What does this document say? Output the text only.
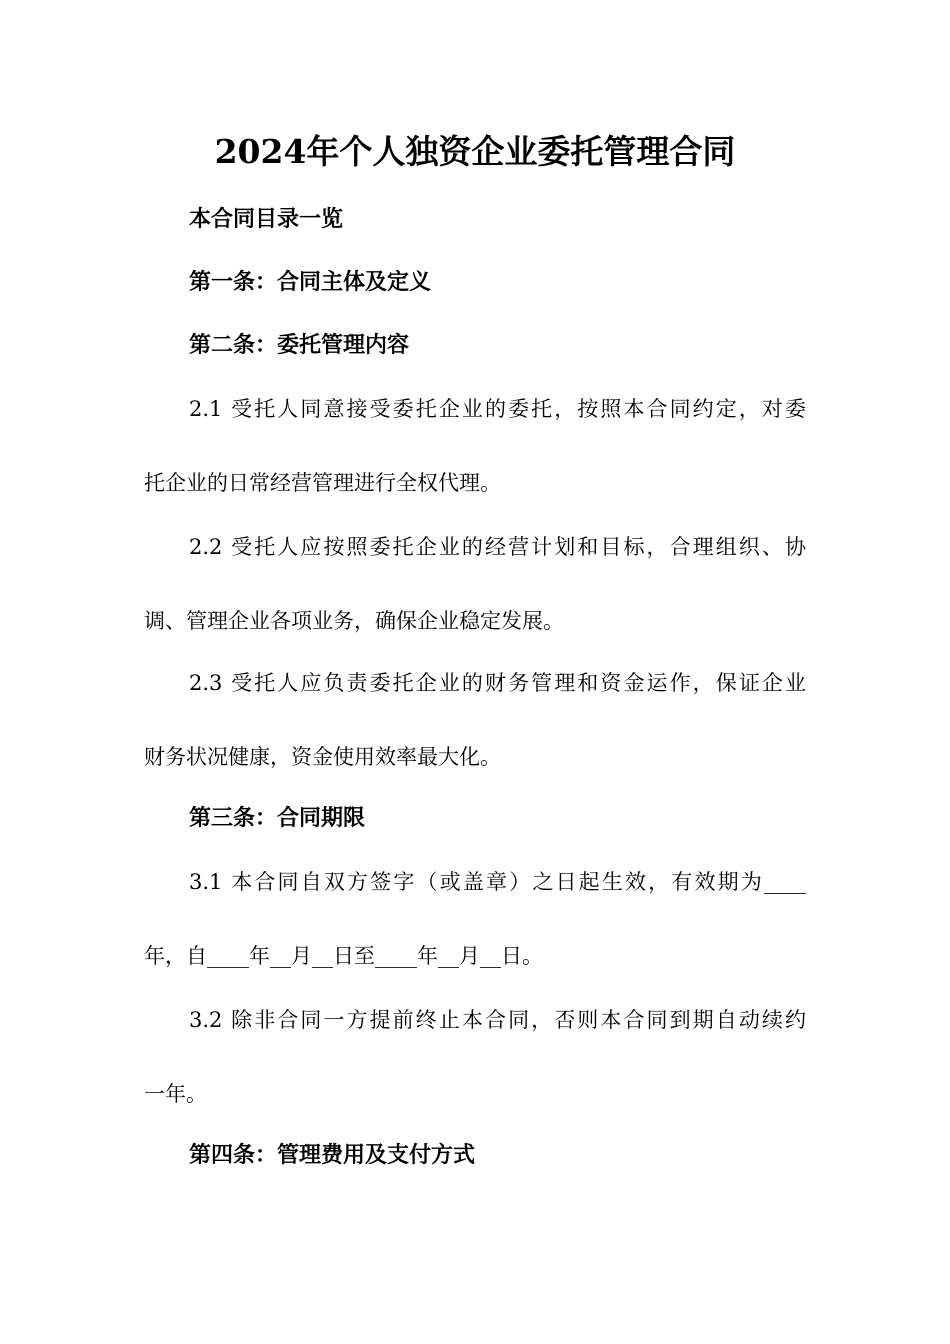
2024年个人独资企业委托管理合同
本合同目录一览
第一条：合同主体及定义
第二条：委托管理内容
2.1 受托人同意接受委托企业的委托，按照本合同约定，对委
托企业的日常经营管理进行全权代理。
2.2 受托人应按照委托企业的经营计划和目标，合理组织、协
调、管理企业各项业务，确保企业稳定发展。
2.3 受托人应负责委托企业的财务管理和资金运作，保证企业
财务状况健康，资金使用效率最大化。
第三条：合同期限
3.1 本合同自双方签字（或盖章）之日起生效，有效期为____
年，自____年__月__日至____年__月__日。
3.2 除非合同一方提前终止本合同，否则本合同到期自动续约
一年。
第四条：管理费用及支付方式
